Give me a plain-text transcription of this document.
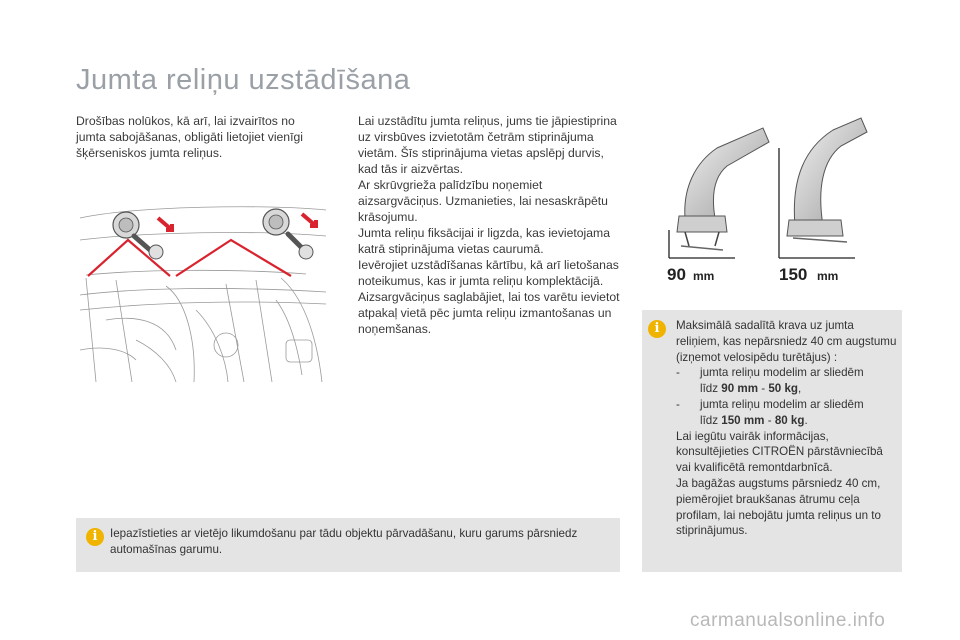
Jumta reliņu uzstādīšana
Drošības nolūkos, kā arī, lai izvairītos no jumta sabojāšanas, obligāti lietojiet vienīgi šķērseniskos jumta reliņus.

Lai uzstādītu jumta reliņus, jums tie jāpiestiprina uz virsbūves izvietotām četrām stiprinājuma vietām. Šīs stiprinājuma vietas apslēpj durvis, kad tās ir aizvērtas.

Ar skrūvgrieža palīdzību noņemiet aizsargvāciņus. Uzmanieties, lai nesaskrāpētu krāsojumu.

Jumta reliņu fiksācijai ir ligzda, kas ievietojama katrā stiprinājuma vietas caurumā.

Ievērojiet uzstādīšanas kārtību, kā arī lietošanas noteikumus, kas ir jumta reliņu komplektācijā.

Aizsargvāciņus saglabājiet, lai tos varētu ievietot atpakaļ vietā pēc jumta reliņu izmantošanas un noņemšanas.

90 mm	150 mm
i	Maksimālā sadalītā krava uz jumta reliņiem, kas nepārsniedz 40 cm augstumu (izņemot velosipēdu turētājus) :
-	jumta reliņu modelim ar sliedēm
līdz 90 mm - 50 kg,
-	jumta reliņu modelim ar sliedēm
līdz 150 mm - 80 kg.
Lai iegūtu vairāk informācijas, konsultējieties CITROËN pārstāvniecībā vai kvalificētā remontdarbnīcā.
Ja bagāžas augstums pārsniedz 40 cm, piemērojiet braukšanas ātrumu ceļa profilam, lai nebojātu jumta reliņus un to stiprinājumus.
i	Iepazīstieties ar vietējo likumdošanu par tādu objektu pārvadāšanu, kuru garums pārsniedz automašīnas garumu.
carmanualsonline.info
